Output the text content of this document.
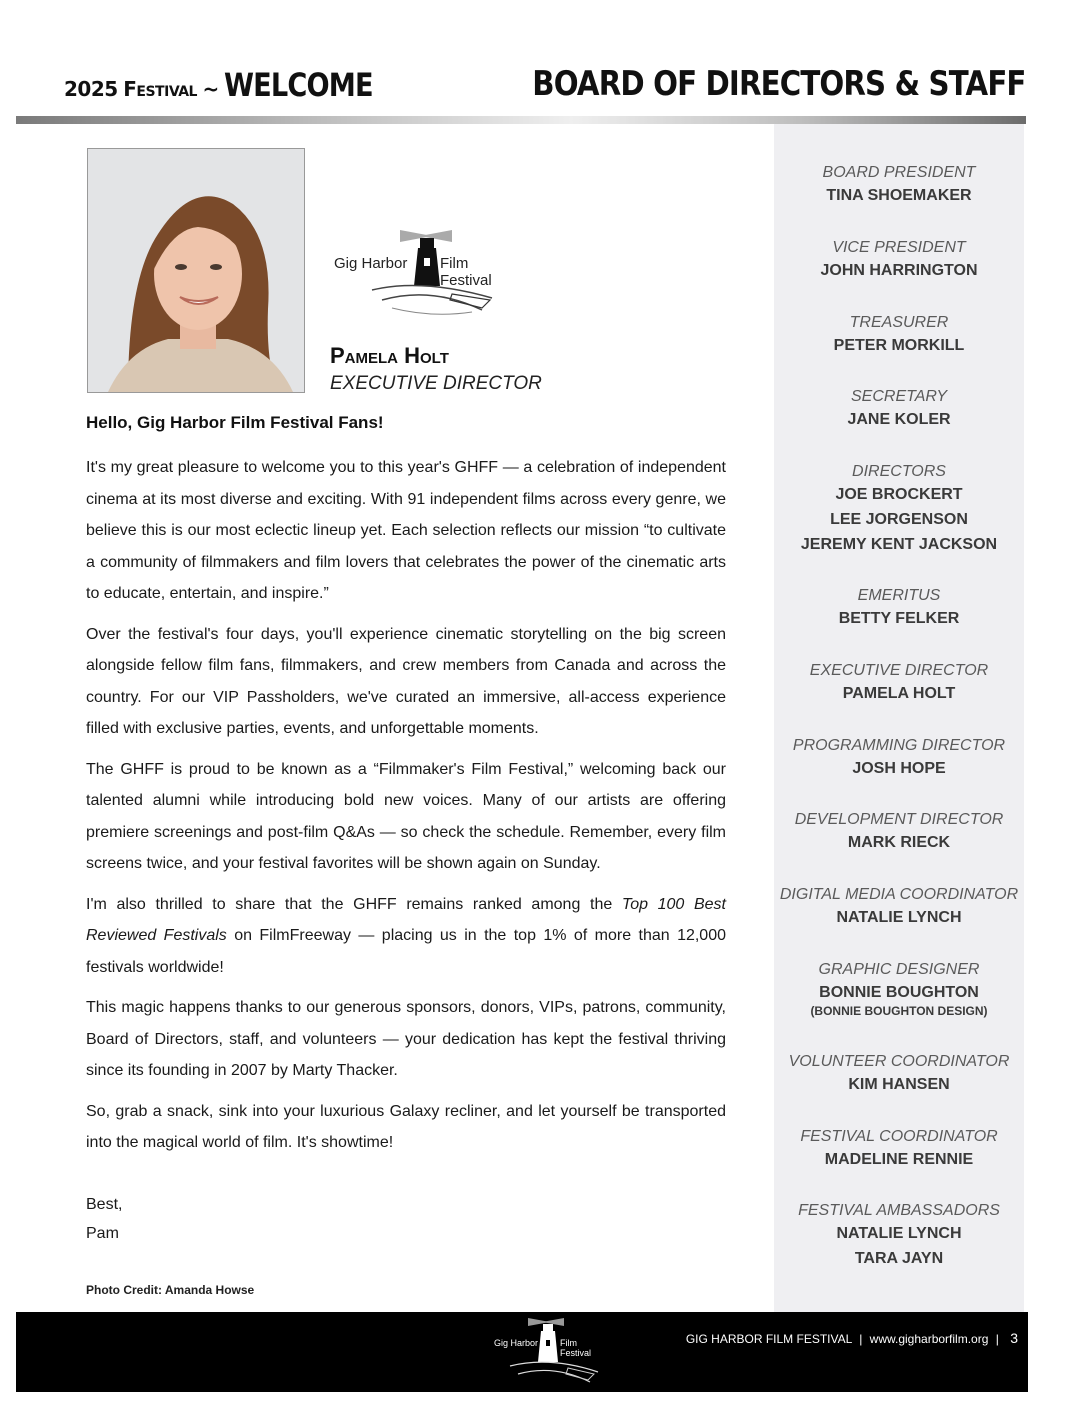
2025 Festival ~ WELCOME	BOARD OF DIRECTORS & STAFF
BOARD PRESIDENT
TINA SHOEMAKER
VICE PRESIDENT
JOHN HARRINGTON
TREASURER
PETER MORKILL
SECRETARY
JANE KOLER
DIRECTORS
JOE BROCKERT
LEE JORGENSON
JEREMY KENT JACKSON
EMERITUS
BETTY FELKER
EXECUTIVE DIRECTOR
PAMELA HOLT
PROGRAMMING DIRECTOR
JOSH HOPE
DEVELOPMENT DIRECTOR
MARK RIECK
DIGITAL MEDIA COORDINATOR
NATALIE LYNCH
GRAPHIC DESIGNER
BONNIE BOUGHTON
(BONNIE BOUGHTON DESIGN)
VOLUNTEER COORDINATOR
KIM HANSEN
FESTIVAL COORDINATOR
MADELINE RENNIE
FESTIVAL AMBASSADORS
NATALIE LYNCH
TARA JAYN
Gig Harbor Film Festival
Pamela Holt
EXECUTIVE DIRECTOR
Hello, Gig Harbor Film Festival Fans!

It's my great pleasure to welcome you to this year's GHFF — a celebration of independent cinema at its most diverse and exciting. With 91 independent films across every genre, we believe this is our most eclectic lineup yet. Each selection reflects our mission “to cultivate a community of filmmakers and film lovers that celebrates the power of the cinematic arts to educate, entertain, and inspire.”

Over the festival's four days, you'll experience cinematic storytelling on the big screen alongside fellow film fans, filmmakers, and crew members from Canada and across the country. For our VIP Passholders, we've curated an immersive, all-access experience filled with exclusive parties, events, and unforgettable moments.

The GHFF is proud to be known as a “Filmmaker's Film Festival,” welcoming back our talented alumni while introducing bold new voices. Many of our artists are offering premiere screenings and post-film Q&As — so check the schedule. Remember, every film screens twice, and your festival favorites will be shown again on Sunday.

I'm also thrilled to share that the GHFF remains ranked among the Top 100 Best Reviewed Festivals on FilmFreeway — placing us in the top 1% of more than 12,000 festivals worldwide!

This magic happens thanks to our generous sponsors, donors, VIPs, patrons, community, Board of Directors, staff, and volunteers — your dedication has kept the festival thriving since its founding in 2007 by Marty Thacker.

So, grab a snack, sink into your luxurious Galaxy recliner, and let yourself be transported into the magical world of film. It's showtime!

Best,
Pam
Photo Credit: Amanda Howse
Gig Harbor Film Festival
GIG HARBOR FILM FESTIVAL | www.gigharborfilm.org | 3
